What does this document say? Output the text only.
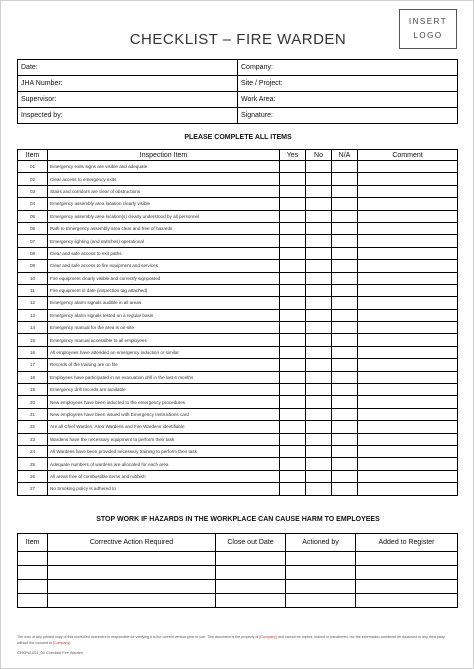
CHECKLIST – FIRE WARDEN
INSERT
LOGO
Date:	Company:
JHA Number:	Site / Project:
Supervisor:	Work Area:
Inspected by:	Signature:
PLEASE COMPLETE ALL ITEMS
Item	Inspection Item	Yes	No	N/A	Comment
01	Emergency exits signs are visible and adequate				
02	Clear access to emergency exits				
03	Stairs and corridors are clear of obstructions				
04	Emergency assembly area location clearly visible				
05	Emergency assembly area location(s) clearly understood by all personnel				
06	Path to Emergency assembly area clear and free of hazards				
07	Emergency lighting (and switches) operational				
08	Clear and safe access to exit paths				
09	Clear and safe access to fire equipment and services				
10	Fire equipment clearly visible and correctly signposted				
11	Fire equipment in date (inspection tag attached)				
12	Emergency alarm signals audible in all areas				
13	Emergency alarm signals tested on a regular basis				
14	Emergency manual for the area is on-site				
15	Emergency manual accessible to all employees				
16	All employees have attended an emergency induction or similar				
17	Records of the training are on file				
18	Employees have participated in an evacuation drill in the last 6 months				
19	Emergency drill records are available				
20	New employees have been inducted to the emergency procedures				
21	New employees have been issued with Emergency Instructions card				
22	Are all Chief Warden, Area Wardens and Fire Wardens identifiable				
23	Wardens have the necessary equipment to perform their task				
24	All Wardens have been provided necessary training to perform their task				
25	Adequate numbers of wardens are allocated for each area				
26	All areas free of combustible items and rubbish				
27	No Smoking policy is adhered to				
STOP WORK IF HAZARDS IN THE WORKPLACE CAN CAUSE HARM TO EMPLOYEES
Item	Corrective Action Required	Close out Date	Actioned by	Added to Register

The user of any printed copy of this controlled document is responsible for verifying it is the current version prior to use. This document is the property of [Company] and cannot be copied, loaned or transferred, nor the information contained be disclosed to any third party without the consent of [Company]
CHKFW-001_00 Checklist Fire Warden
